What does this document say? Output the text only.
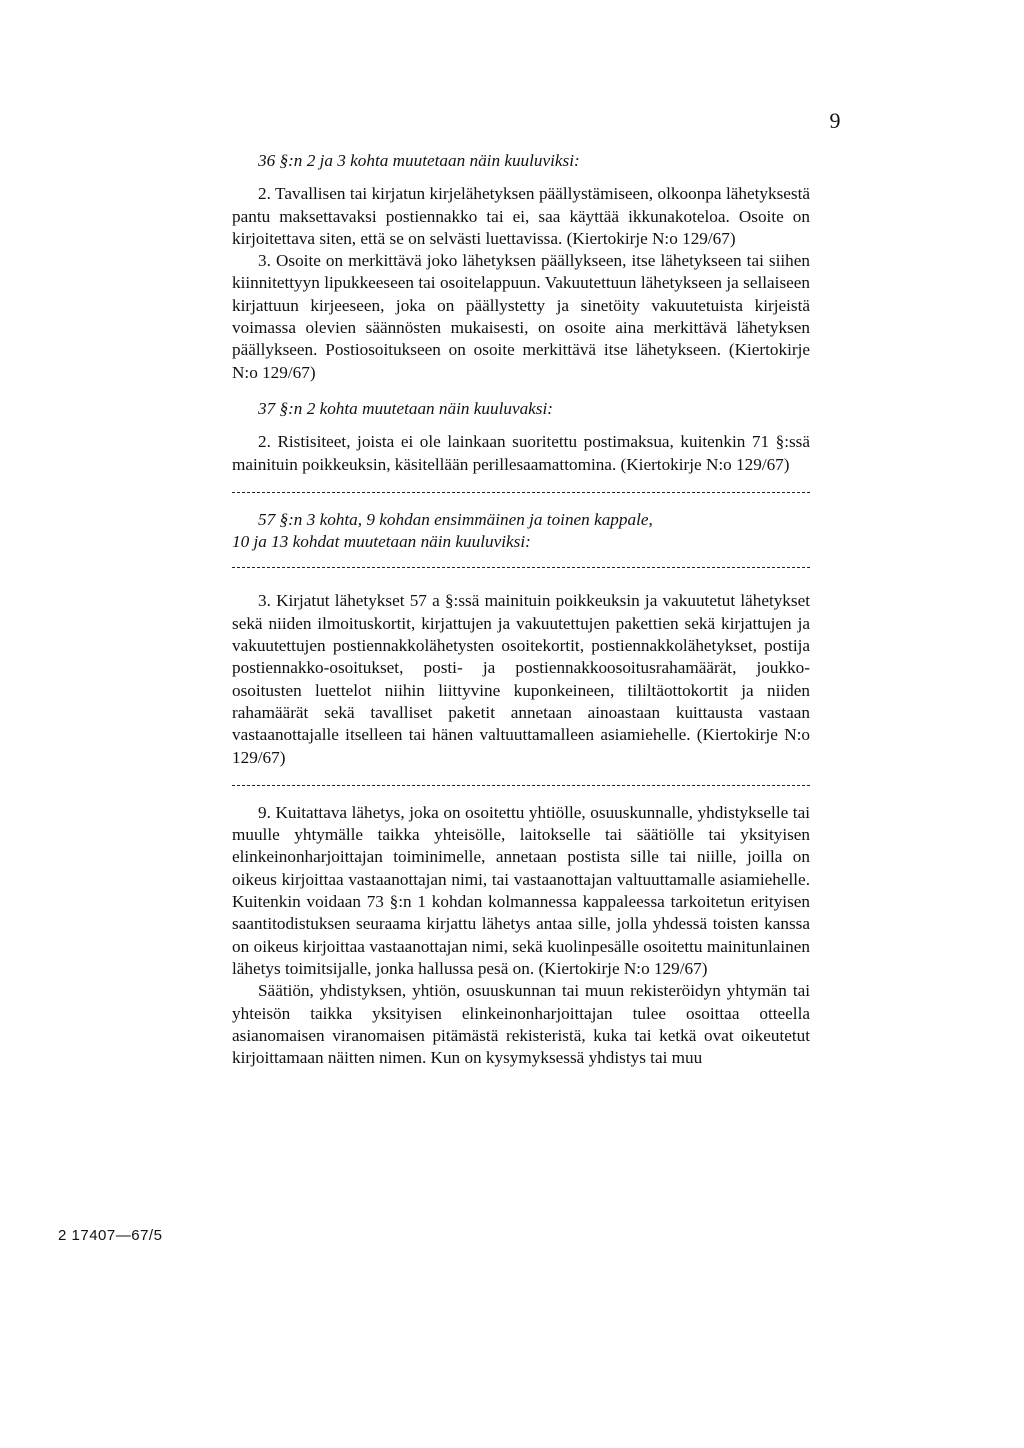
9

36 §:n 2 ja 3 kohta muutetaan näin kuuluviksi:

2. Tavallisen tai kirjatun kirjelähetyksen päällystämiseen, olkoonpa lähetyksestä pantu maksettavaksi postiennakko tai ei, saa käyttää ikkunakoteloa. Osoite on kirjoitettava siten, että se on selvästi luettavissa. (Kiertokirje N:o 129/67)

3. Osoite on merkittävä joko lähetyksen päällykseen, itse lähetykseen tai siihen kiinnitettyyn lipukkeeseen tai osoitelappuun. Vakuutettuun lähetykseen ja sellaiseen kirjattuun kirjeeseen, joka on päällystetty ja sinetöity vakuutetuista kirjeistä voimassa olevien säännösten mukaisesti, on osoite aina merkittävä lähetyksen päällykseen. Postiosoitukseen on osoite merkittävä itse lähetykseen. (Kiertokirje N:o 129/67)

37 §:n 2 kohta muutetaan näin kuuluvaksi:

2. Ristisiteet, joista ei ole lainkaan suoritettu postimaksua, kuitenkin 71 §:ssä mainituin poikkeuksin, käsitellään perillesaamattomina. (Kiertokirje N:o 129/67)

57 §:n 3 kohta, 9 kohdan ensimmäinen ja toinen kappale,

10 ja 13 kohdat muutetaan näin kuuluviksi:

3. Kirjatut lähetykset 57 a §:ssä mainituin poikkeuksin ja vakuutetut lähetykset sekä niiden ilmoituskortit, kirjattujen ja vakuutettujen pakettien sekä kirjattujen ja vakuutettujen postiennakkolähetysten osoitekortit, postiennakkolähetykset, postija postiennakko-osoitukset, posti- ja postiennakkoosoitusrahamäärät, joukko-osoitusten luettelot niihin liittyvine kuponkeineen, tililtäottokortit ja niiden rahamäärät sekä tavalliset paketit annetaan ainoastaan kuittausta vastaan vastaanottajalle itselleen tai hänen valtuuttamalleen asiamiehelle. (Kiertokirje N:o 129/67)

9. Kuitattava lähetys, joka on osoitettu yhtiölle, osuuskunnalle, yhdistykselle tai muulle yhtymälle taikka yhteisölle, laitokselle tai säätiölle tai yksityisen elinkeinonharjoittajan toiminimelle, annetaan postista sille tai niille, joilla on oikeus kirjoittaa vastaanottajan nimi, tai vastaanottajan valtuuttamalle asiamiehelle. Kuitenkin voidaan 73 §:n 1 kohdan kolmannessa kappaleessa tarkoitetun erityisen saantitodistuksen seuraama kirjattu lähetys antaa sille, jolla yhdessä toisten kanssa on oikeus kirjoittaa vastaanottajan nimi, sekä kuolinpesälle osoitettu mainitunlainen lähetys toimitsijalle, jonka hallussa pesä on. (Kiertokirje N:o 129/67)

Säätiön, yhdistyksen, yhtiön, osuuskunnan tai muun rekisteröidyn yhtymän tai yhteisön taikka yksityisen elinkeinonharjoittajan tulee osoittaa otteella asianomaisen viranomaisen pitämästä rekisteristä, kuka tai ketkä ovat oikeutetut kirjoittamaan näitten nimen. Kun on kysymyksessä yhdistys tai muu

2 17407—67/5
